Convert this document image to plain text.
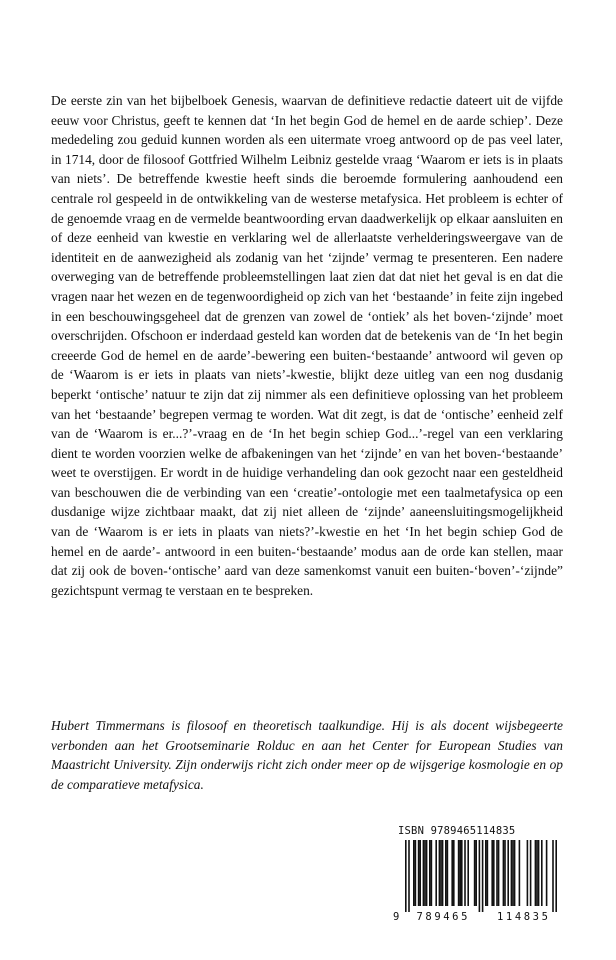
De eerste zin van het bijbelboek Genesis, waarvan de definitieve redactie dateert uit de vijfde eeuw voor Christus, geeft te kennen dat ‘In het begin God de hemel en de aarde schiep’. Deze mededeling zou geduid kunnen worden als een uitermate vroeg antwoord op de pas veel later, in 1714, door de filosoof Gottfried Wilhelm Leibniz gestelde vraag ‘Waarom er iets is in plaats van niets’. De betreffende kwestie heeft sinds die beroemde formulering aanhoudend een centrale rol gespeeld in de ontwikkeling van de westerse metafysica. Het probleem is echter of de genoemde vraag en de vermelde beantwoording ervan daadwerkelijk op elkaar aansluiten en of deze eenheid van kwestie en verklaring wel de allerlaatste verhelderingsweergave van de identiteit en de aanwezigheid als zodanig van het ‘zijnde’ vermag te presenteren. Een nadere overweging van de betreffende probleemstellingen laat zien dat dat niet het geval is en dat die vragen naar het wezen en de tegenwoordigheid op zich van het ‘bestaande’ in feite zijn ingebed in een beschouwingsgeheel dat de grenzen van zowel de ‘ontiek’ als het boven-‘zijnde’ moet overschrijden. Ofschoon er inderdaad gesteld kan worden dat de betekenis van de ‘In het begin creeerde God de hemel en de aarde’-bewering een buiten-‘bestaande’ antwoord wil geven op de ‘Waarom is er iets in plaats van niets’-kwestie, blijkt deze uitleg van een nog dusdanig beperkt ‘ontische’ natuur te zijn dat zij nimmer als een definitieve oplossing van het probleem van het ‘bestaande’ begrepen vermag te worden. Wat dit zegt, is dat de ‘ontische’ eenheid zelf van de ‘Waarom is er...?’-vraag en de ‘In het begin schiep God...’-regel van een verklaring dient te worden voorzien welke de afbakeningen van het ‘zijnde’ en van het boven-‘bestaande’ weet te overstijgen. Er wordt in de huidige verhandeling dan ook gezocht naar een gesteldheid van beschouwen die de verbinding van een ‘creatie’-ontologie met een taalmetafysica op een dusdanige wijze zichtbaar maakt, dat zij niet alleen de ‘zijnde’ aaneensluitingsmogelijkheid van de ‘Waarom is er iets in plaats van niets?’-kwestie en het ‘In het begin schiep God de hemel en de aarde’- antwoord in een buiten-‘bestaande’ modus aan de orde kan stellen, maar dat zij ook de boven-‘ontische’ aard van deze samenkomst vanuit een buiten-‘boven’-‘zijnde” gezichtspunt vermag te verstaan en te bespreken.

Hubert Timmermans is filosoof en theoretisch taalkundige. Hij is als docent wijsbegeerte verbonden aan het Grootseminarie Rolduc en aan het Center for European Studies van Maastricht University. Zijn onderwijs richt zich onder meer op de wijsgerige kosmologie en op de comparatieve metafysica.

ISBN 9789465114835
9	789465	114835
